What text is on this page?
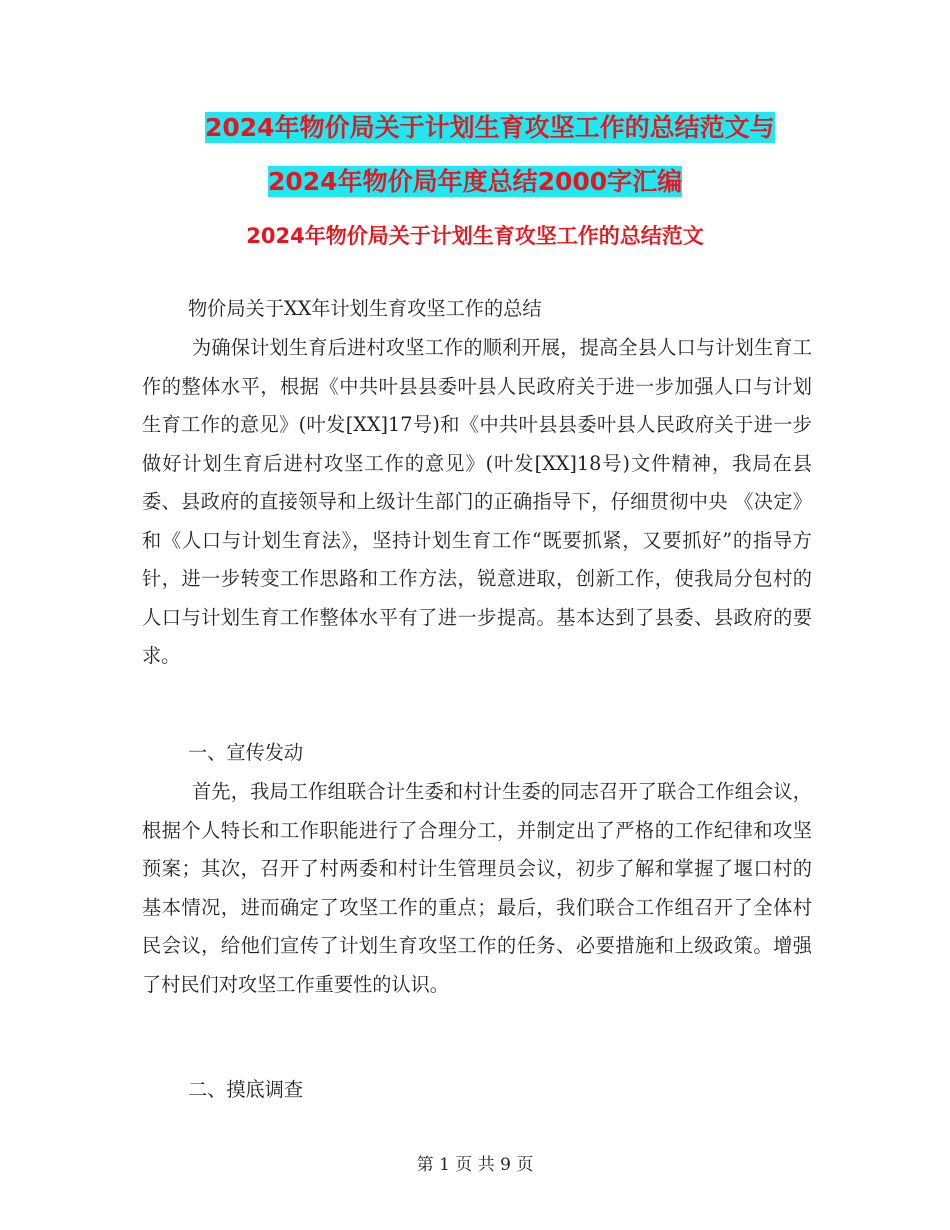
2024年物价局关于计划生育攻坚工作的总结范文与
2024年物价局年度总结2000字汇编
2024年物价局关于计划生育攻坚工作的总结范文
物价局关于XX年计划生育攻坚工作的总结

为确保计划生育后进村攻坚工作的顺利开展，提高全县人口与计划生育工作的整体水平，根据《中共叶县县委叶县人民政府关于进一步加强人口与计划生育工作的意见》(叶发[XX]17号)和《中共叶县县委叶县人民政府关于进一步做好计划生育后进村攻坚工作的意见》(叶发[XX]18号)文件精神，我局在县委、县政府的直接领导和上级计生部门的正确指导下，仔细贯彻中央 《决定》和《人口与计划生育法》，坚持计划生育工作“既要抓紧，又要抓好”的指导方针，进一步转变工作思路和工作方法，锐意进取，创新工作，使我局分包村的人口与计划生育工作整体水平有了进一步提高。基本达到了县委、县政府的要求。

一、宣传发动

首先，我局工作组联合计生委和村计生委的同志召开了联合工作组会议，根据个人特长和工作职能进行了合理分工，并制定出了严格的工作纪律和攻坚预案；其次，召开了村两委和村计生管理员会议，初步了解和掌握了堰口村的基本情况，进而确定了攻坚工作的重点；最后，我们联合工作组召开了全体村民会议，给他们宣传了计划生育攻坚工作的任务、必要措施和上级政策。增强了村民们对攻坚工作重要性的认识。

二、摸底调查
第 1 页 共 9 页
